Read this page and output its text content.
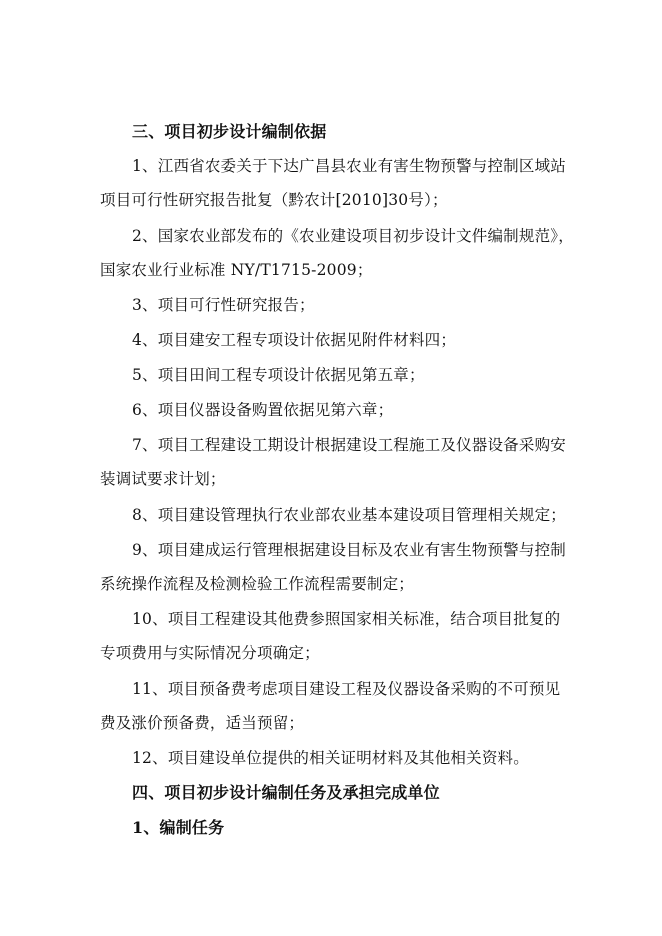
三、项目初步设计编制依据
1、江西省农委关于下达广昌县农业有害生物预警与控制区域站
项目可行性研究报告批复（黔农计[2010]30号）；
2、国家农业部发布的《农业建设项目初步设计文件编制规范》，
国家农业行业标准 NY/T1715-2009；
3、项目可行性研究报告；
4、项目建安工程专项设计依据见附件材料四；
5、项目田间工程专项设计依据见第五章；
6、项目仪器设备购置依据见第六章；
7、项目工程建设工期设计根据建设工程施工及仪器设备采购安
装调试要求计划；
8、项目建设管理执行农业部农业基本建设项目管理相关规定；
9、项目建成运行管理根据建设目标及农业有害生物预警与控制
系统操作流程及检测检验工作流程需要制定；
10、项目工程建设其他费参照国家相关标准，结合项目批复的
专项费用与实际情况分项确定；
11、项目预备费考虑项目建设工程及仪器设备采购的不可预见
费及涨价预备费，适当预留；
12、项目建设单位提供的相关证明材料及其他相关资料。
四、项目初步设计编制任务及承担完成单位
1、编制任务
